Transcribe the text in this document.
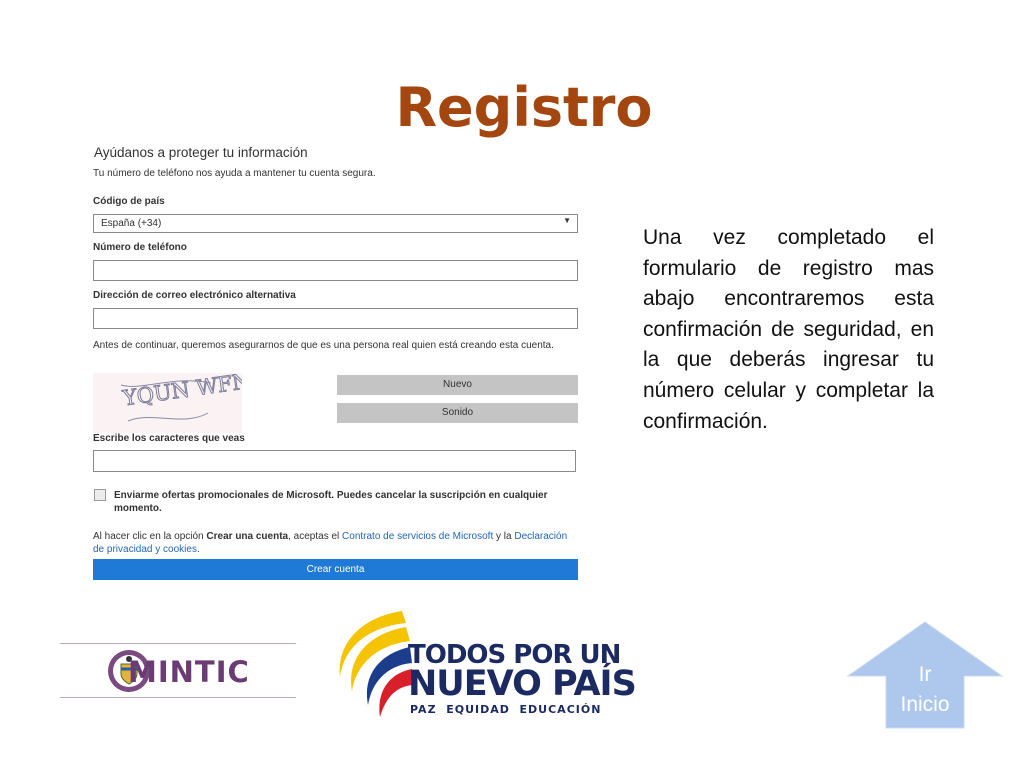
Registro
Ayúdanos a proteger tu información
Tu número de teléfono nos ayuda a mantener tu cuenta segura.
Código de país
España (+34)	▼
Número de teléfono
Dirección de correo electrónico alternativa
Antes de continuar, queremos asegurarnos de que es una persona real quien está creando esta cuenta.
YQUN WFN	Nuevo
Sonido
Escribe los caracteres que veas
Enviarme ofertas promocionales de Microsoft. Puedes cancelar la suscripción en cualquier momento.
Al hacer clic en la opción Crear una cuenta, aceptas el Contrato de servicios de Microsoft y la Declaración de privacidad y cookies.
Crear cuenta
Una vez completado el formulario de registro mas abajo encontraremos esta confirmación de seguridad, en la que deberás ingresar tu número celular y completar la confirmación.
MINTIC	TODOS POR UN
NUEVO PAÍS
PAZ  EQUIDAD  EDUCACIÓN
Ir Inicio
